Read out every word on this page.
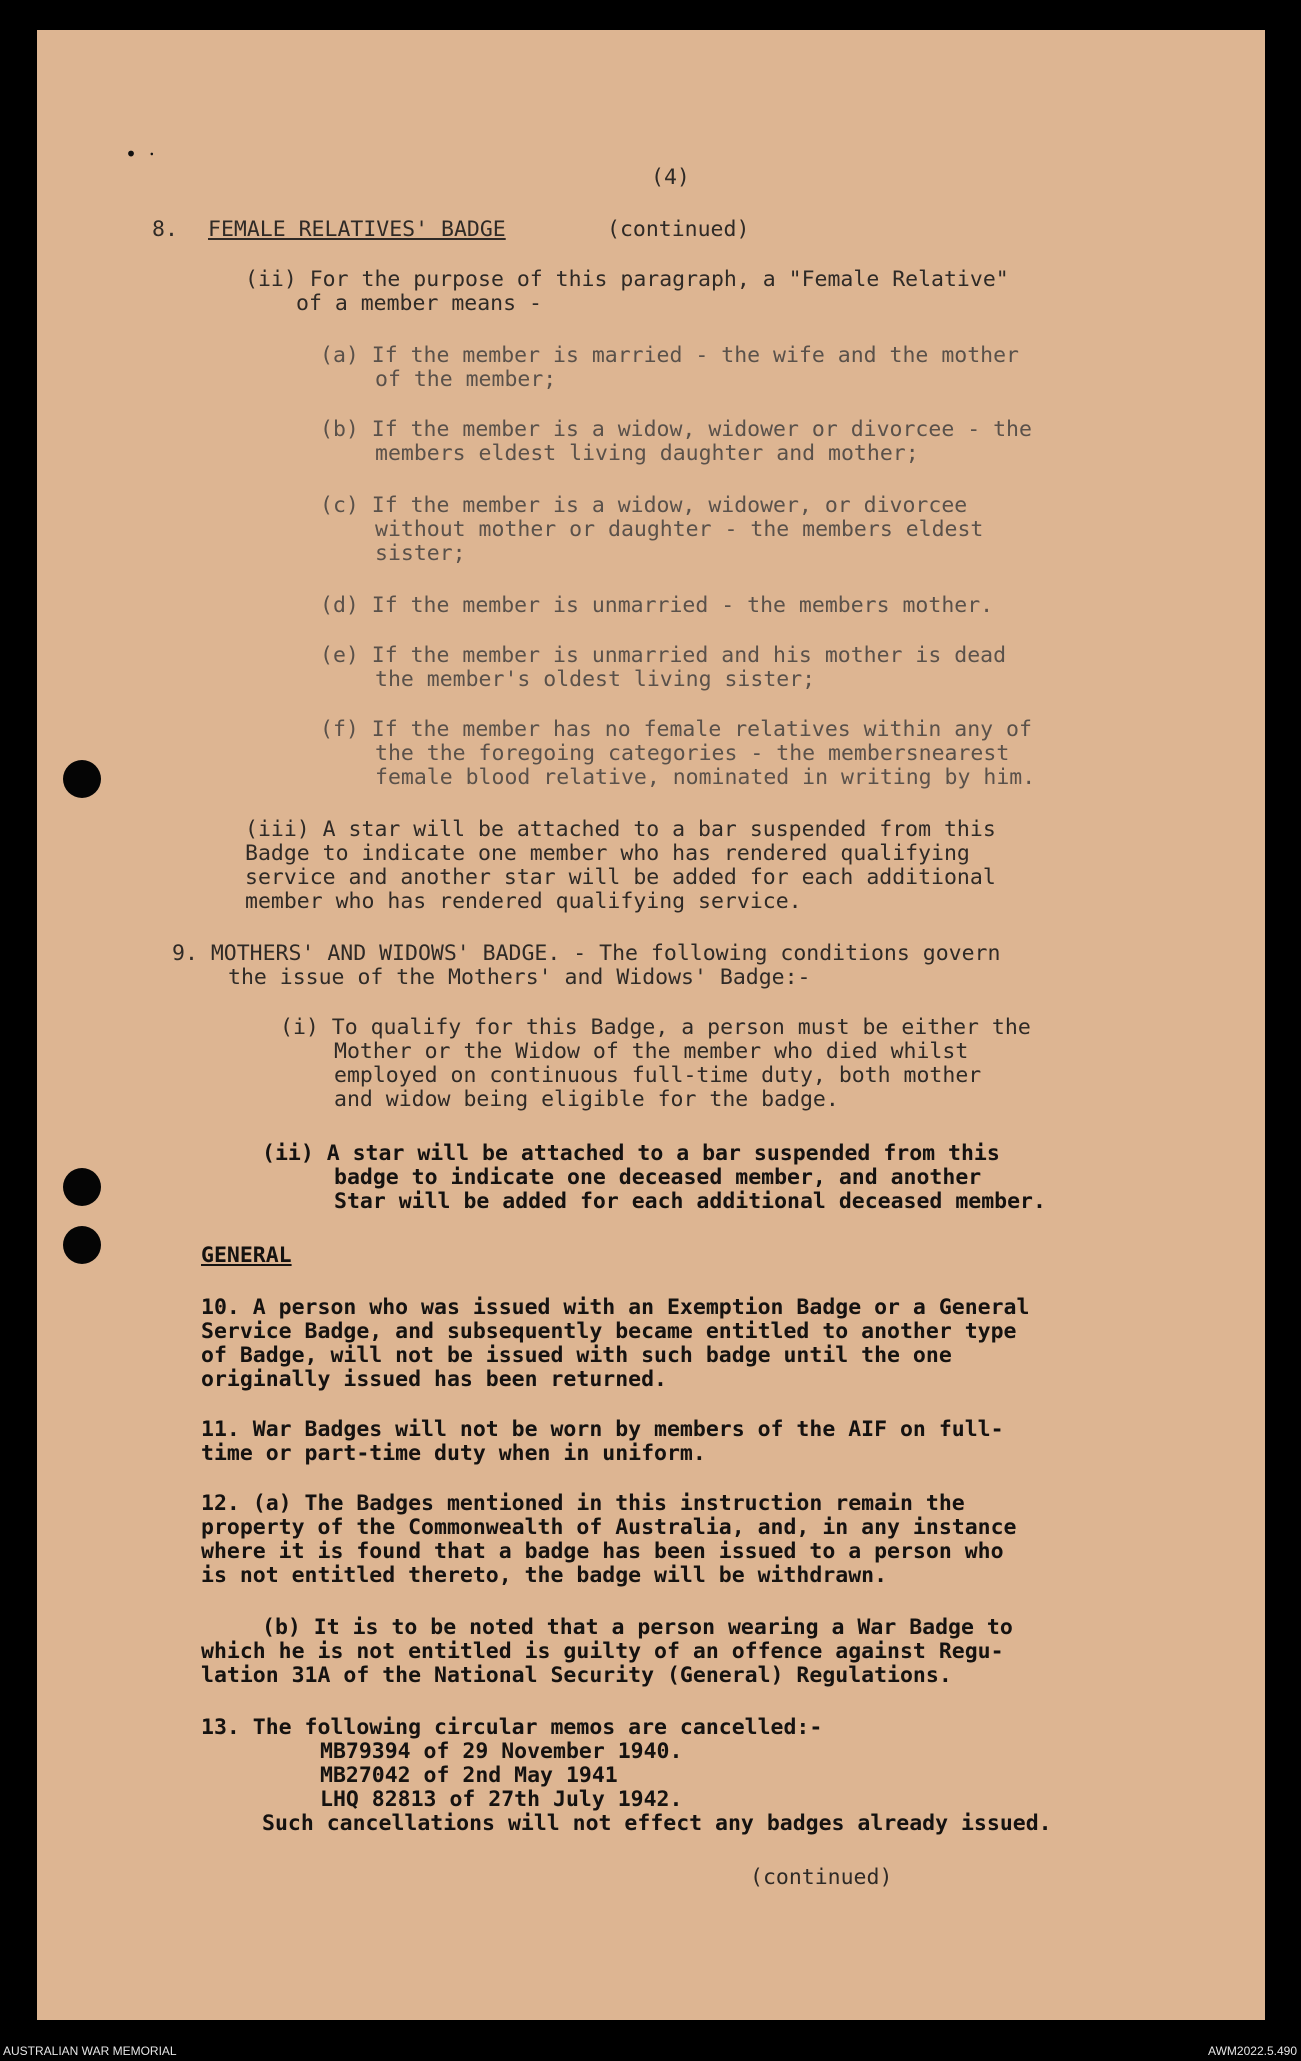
• ⸱
(4)
8. FEMALE RELATIVES' BADGE	(continued)
(ii) For the purpose of this paragraph, a "Female Relative"
of a member means -
(a) If the member is married - the wife and the mother
of the member;
(b) If the member is a widow, widower or divorcee - the
members eldest living daughter and mother;
(c) If the member is a widow, widower, or divorcee
without mother or daughter - the members eldest
sister;
(d) If the member is unmarried - the members mother.
(e) If the member is unmarried and his mother is dead
the member's oldest living sister;
(f) If the member has no female relatives within any of
the the foregoing categories - the membersnearest
female blood relative, nominated in writing by him.
(iii) A star will be attached to a bar suspended from this
Badge to indicate one member who has rendered qualifying
service and another star will be added for each additional
member who has rendered qualifying service.
9. MOTHERS' AND WIDOWS' BADGE. - The following conditions govern
the issue of the Mothers' and Widows' Badge:-
(i) To qualify for this Badge, a person must be either the
Mother or the Widow of the member who died whilst
employed on continuous full-time duty, both mother
and widow being eligible for the badge.
(ii) A star will be attached to a bar suspended from this
badge to indicate one deceased member, and another
Star will be added for each additional deceased member.
GENERAL
10. A person who was issued with an Exemption Badge or a General
Service Badge, and subsequently became entitled to another type
of Badge, will not be issued with such badge until the one
originally issued has been returned.
11. War Badges will not be worn by members of the AIF on full-
time or part-time duty when in uniform.
12. (a) The Badges mentioned in this instruction remain the
property of the Commonwealth of Australia, and, in any instance
where it is found that a badge has been issued to a person who
is not entitled thereto, the badge will be withdrawn.
(b) It is to be noted that a person wearing a War Badge to
which he is not entitled is guilty of an offence against Regu-
lation 31A of the National Security (General) Regulations.
13. The following circular memos are cancelled:-
MB79394 of 29 November 1940.
MB27042 of 2nd May 1941
LHQ 82813 of 27th July 1942.
Such cancellations will not effect any badges already issued.
(continued)
AUSTRALIAN WAR MEMORIAL	AWM2022.5.490
